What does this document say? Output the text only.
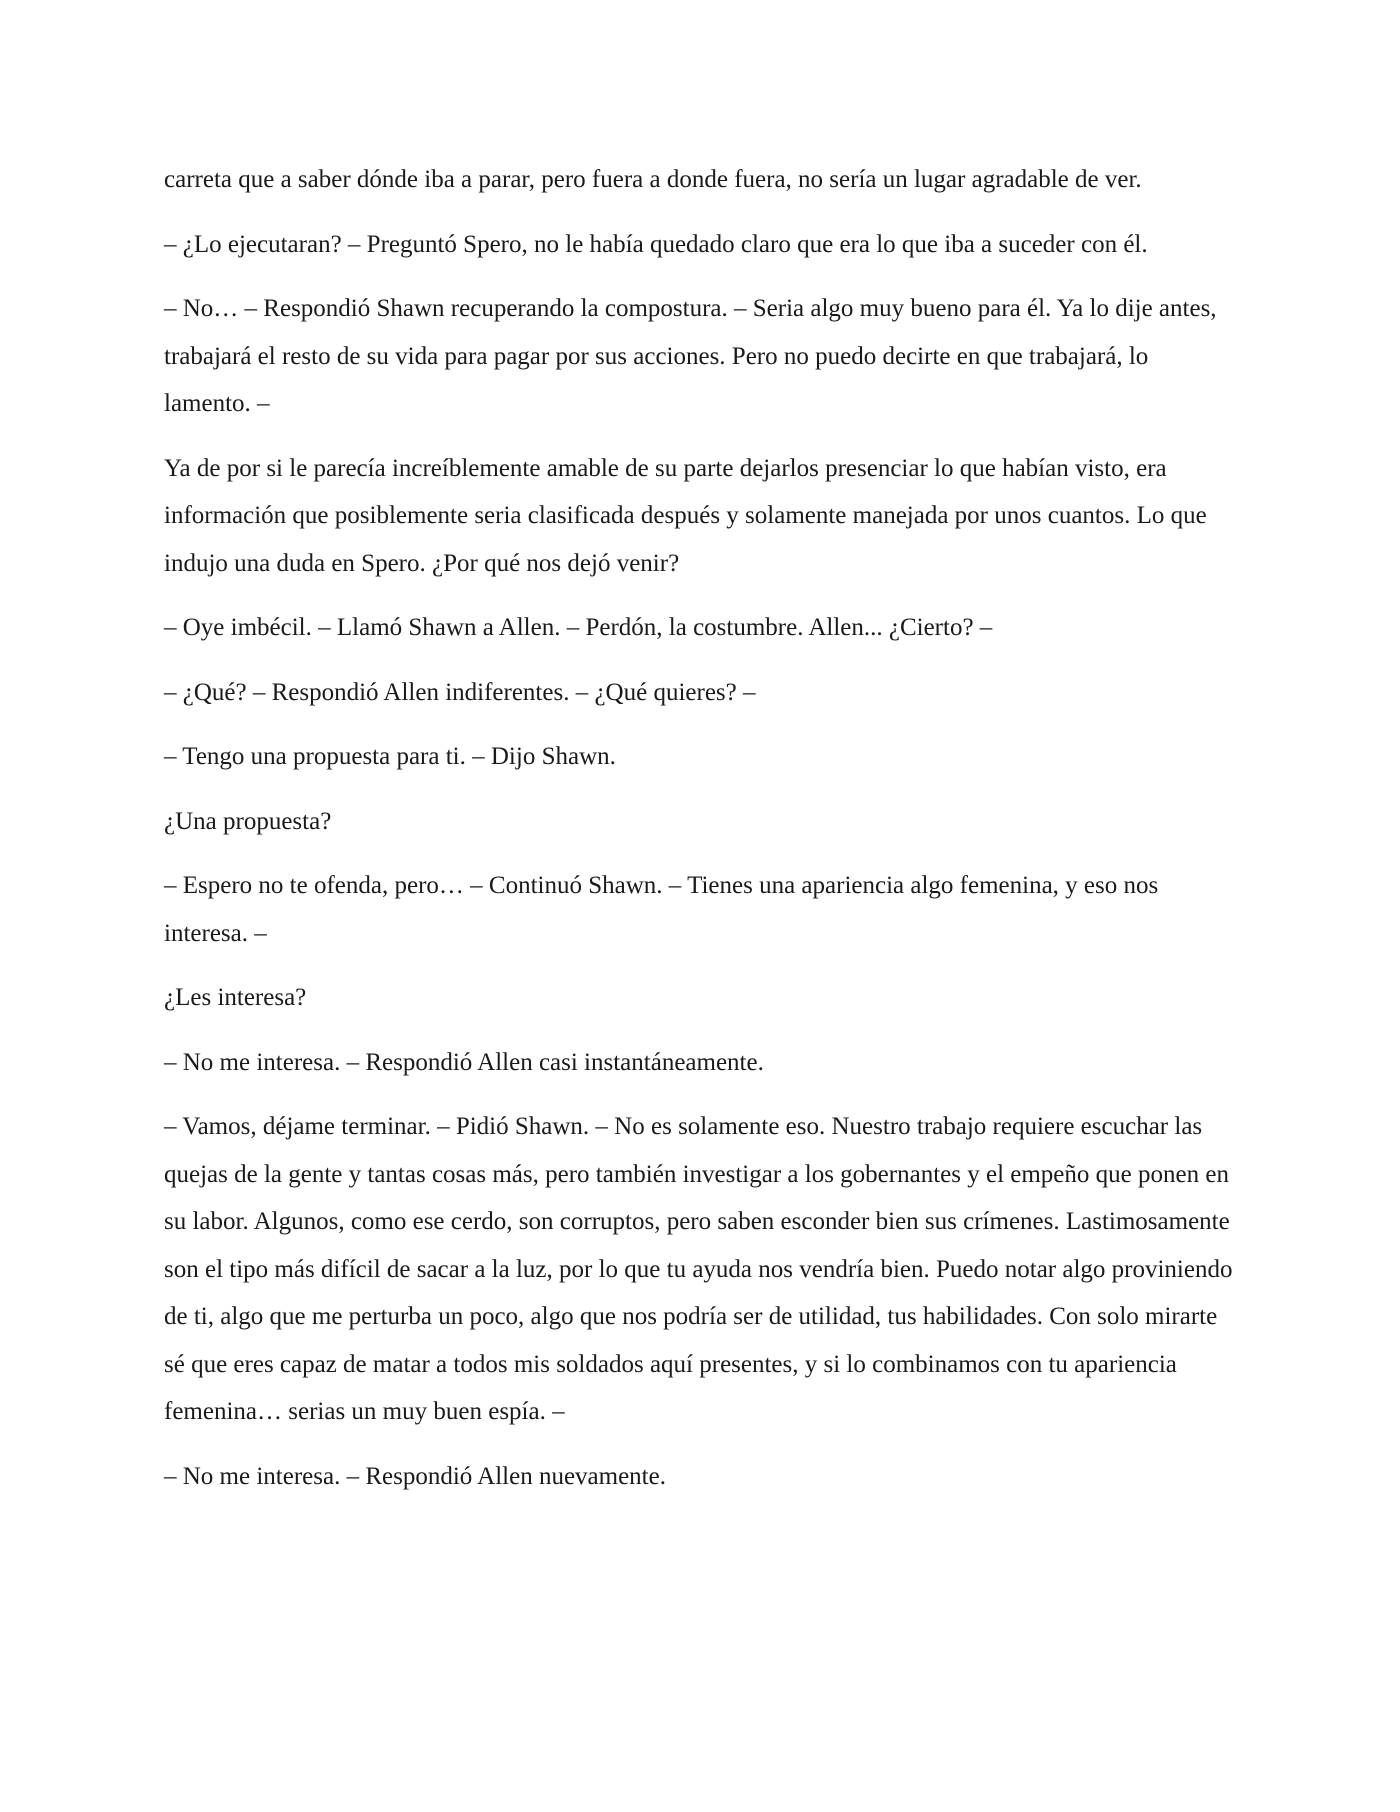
carreta que a saber dónde iba a parar, pero fuera a donde fuera, no sería un lugar agradable de ver.

– ¿Lo ejecutaran? – Preguntó Spero, no le había quedado claro que era lo que iba a suceder con él.

– No… – Respondió Shawn recuperando la compostura. – Seria algo muy bueno para él. Ya lo dije antes, trabajará el resto de su vida para pagar por sus acciones. Pero no puedo decirte en que trabajará, lo lamento. –

Ya de por si le parecía increíblemente amable de su parte dejarlos presenciar lo que habían visto, era información que posiblemente seria clasificada después y solamente manejada por unos cuantos. Lo que indujo una duda en Spero. ¿Por qué nos dejó venir?

– Oye imbécil. – Llamó Shawn a Allen. – Perdón, la costumbre. Allen... ¿Cierto? –

– ¿Qué? – Respondió Allen indiferentes. – ¿Qué quieres? –

– Tengo una propuesta para ti. – Dijo Shawn.

¿Una propuesta?

– Espero no te ofenda, pero… – Continuó Shawn. – Tienes una apariencia algo femenina, y eso nos interesa. –

¿Les interesa?

– No me interesa. – Respondió Allen casi instantáneamente.

– Vamos, déjame terminar. – Pidió Shawn. – No es solamente eso. Nuestro trabajo requiere escuchar las quejas de la gente y tantas cosas más, pero también investigar a los gobernantes y el empeño que ponen en su labor. Algunos, como ese cerdo, son corruptos, pero saben esconder bien sus crímenes. Lastimosamente son el tipo más difícil de sacar a la luz, por lo que tu ayuda nos vendría bien. Puedo notar algo proviniendo de ti, algo que me perturba un poco, algo que nos podría ser de utilidad, tus habilidades. Con solo mirarte sé que eres capaz de matar a todos mis soldados aquí presentes, y si lo combinamos con tu apariencia femenina… serias un muy buen espía. –

– No me interesa. – Respondió Allen nuevamente.
